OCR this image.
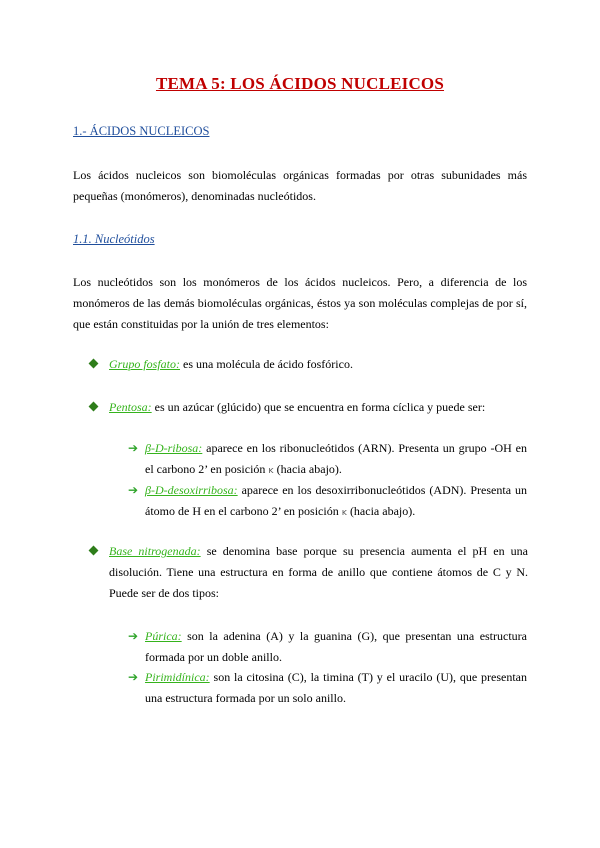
TEMA 5: LOS ÁCIDOS NUCLEICOS
1.- ÁCIDOS NUCLEICOS
Los ácidos nucleicos son biomoléculas orgánicas formadas por otras subunidades más pequeñas (monómeros), denominadas nucleótidos.
1.1. Nucleótidos
Los nucleótidos son los monómeros de los ácidos nucleicos. Pero, a diferencia de los monómeros de las demás biomoléculas orgánicas, éstos ya son moléculas complejas de por sí, que están constituidas por la unión de tres elementos:
Grupo fosfato: es una molécula de ácido fosfórico.
Pentosa: es un azúcar (glúcido) que se encuentra en forma cíclica y puede ser:
➔ β-D-ribosa: aparece en los ribonucleótidos (ARN). Presenta un grupo -OH en el carbono 2’ en posición ĸ (hacia abajo).
➔ β-D-desoxirribosa: aparece en los desoxirribonucleótidos (ADN). Presenta un átomo de H en el carbono 2’ en posición ĸ (hacia abajo).
Base nitrogenada: se denomina base porque su presencia aumenta el pH en una disolución. Tiene una estructura en forma de anillo que contiene átomos de C y N. Puede ser de dos tipos:
➔ Púrica: son la adenina (A) y la guanina (G), que presentan una estructura formada por un doble anillo.
➔ Pirimidínica: son la citosina (C), la timina (T) y el uracilo (U), que presentan una estructura formada por un solo anillo.
